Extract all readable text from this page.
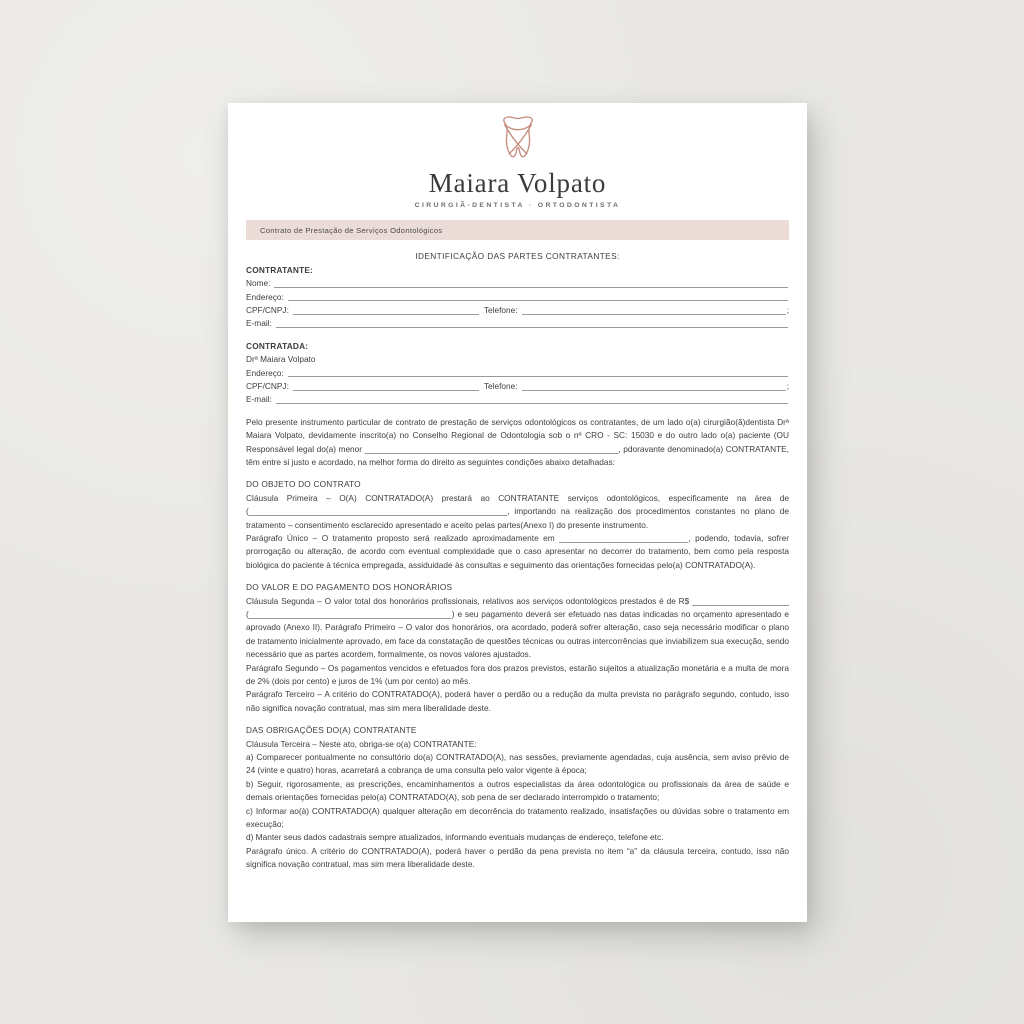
Maiara Volpato
CIRURGIÃ-DENTISTA · ORTODONTISTA
Contrato de Prestação de Serviços Odontológicos
IDENTIFICAÇÃO DAS PARTES CONTRATANTES:
CONTRATANTE:
Nome:
Endereço:
CPF/CNPJ:	Telefone:	;
E-mail:
CONTRATADA:
Drª Maiara Volpato
Endereço:
CPF/CNPJ:	Telefone:	;
E-mail:
Pelo presente instrumento particular de contrato de prestação de serviços odontológicos os contratantes, de um lado o(a) cirurgião(ã)dentista Drª Maiara Volpato, devidamente inscrito(a) no Conselho Regional de Odontologia sob o nº CRO - SC: 15030 e do outro lado o(a) paciente (OU Responsável legal do(a) menor _______________________________________________________, pdoravante denominado(a) CONTRATANTE, têm entre si justo e acordado, na melhor forma do direito as seguintes condições abaixo detalhadas:
DO OBJETO DO CONTRATO
Cláusula Primeira – O(A) CONTRATADO(A) prestará ao CONTRATANTE serviços odontológicos, especificamente na área de (________________________________________________________, importando na realização dos procedimentos constantes no plano de tratamento – consentimento esclarecido apresentado e aceito pelas partes(Anexo I) do presente instrumento.
Parágrafo Único – O tratamento proposto será realizado aproximadamente em ____________________________, podendo, todavia, sofrer prorrogação ou alteração, de acordo com eventual complexidade que o caso apresentar no decorrer do tratamento, bem como pela resposta biológica do paciente à técnica empregada, assiduidade às consultas e seguimento das orientações fornecidas pelo(a) CONTRATADO(A).
DO VALOR E DO PAGAMENTO DOS HONORÁRIOS
Cláusula Segunda – O valor total dos honorários profissionais, relativos aos serviços odontológicos prestados é de R$ _____________________ (____________________________________________) e seu pagamento deverá ser efetuado nas datas indicadas no orçamento apresentado e aprovado (Anexo II). Parágrafo Primeiro – O valor dos honorários, ora acordado, poderá sofrer alteração, caso seja necessário modificar o plano de tratamento inicialmente aprovado, em face da constatação de questões técnicas ou outras intercorrências que inviabilizem sua execução, sendo necessário que as partes acordem, formalmente, os novos valores ajustados.
Parágrafo Segundo – Os pagamentos vencidos e efetuados fora dos prazos previstos, estarão sujeitos a atualização monetária e a multa de mora de 2% (dois por cento) e juros de 1% (um por cento) ao mês.
Parágrafo Terceiro – A critério do CONTRATADO(A), poderá haver o perdão ou a redução da multa prevista no parágrafo segundo, contudo, isso não significa novação contratual, mas sim mera liberalidade deste.
DAS OBRIGAÇÕES DO(A) CONTRATANTE
Cláusula Terceira – Neste ato, obriga-se o(a) CONTRATANTE:
a) Comparecer pontualmente no consultório do(a) CONTRATADO(A), nas sessões, previamente agendadas, cuja ausência, sem aviso prévio de 24 (vinte e quatro) horas, acarretará a cobrança de uma consulta pelo valor vigente à época;
b) Seguir, rigorosamente, as prescrições, encaminhamentos a outros especialistas da área odontológica ou profissionais da área de saúde e demais orientações fornecidas pelo(a) CONTRATADO(A), sob pena de ser declarado interrompido o tratamento;
c) Informar ao(à) CONTRATADO(A) qualquer alteração em decorrência do tratamento realizado, insatisfações ou dúvidas sobre o tratamento em execução;
d) Manter seus dados cadastrais sempre atualizados, informando eventuais mudanças de endereço, telefone etc.
Parágrafo único. A critério do CONTRATADO(A), poderá haver o perdão da pena prevista no item “a” da cláusula terceira, contudo, isso não significa novação contratual, mas sim mera liberalidade deste.
